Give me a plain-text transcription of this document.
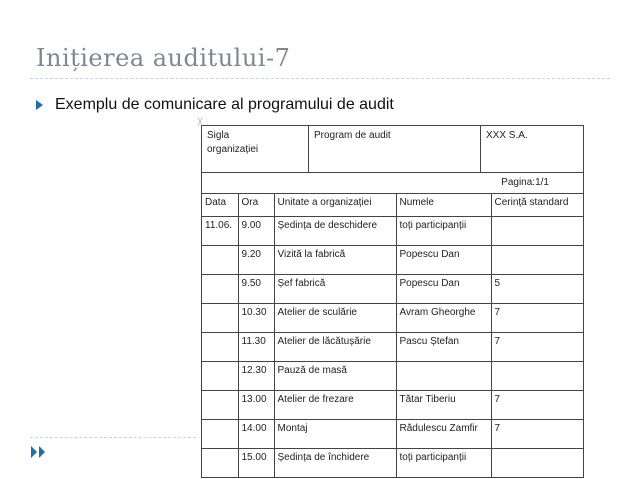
Inițierea auditului-7
Exemplu de comunicare al programului de audit
Sigla
organizației
Program de audit	XXX S.A.
Pagina:1/1
Data	Ora	Unitate a organizației	Numele	Cerință standard
11.06.	9.00	Ședința de deschidere	toți participanții	
	9.20	Vizită la fabrică	Popescu Dan	
	9.50	Șef fabrică	Popescu Dan	5
	10.30	Atelier de sculărie	Avram Gheorghe	7
	11.30	Atelier de lăcătușărie	Pascu Ștefan	7
	12.30	Pauză de masă		
	13.00	Atelier de frezare	Tătar Tiberiu	7
	14.00	Montaj	Rădulescu Zamfir	7
	15.00	Ședința de închidere	toți participanții	
╳
